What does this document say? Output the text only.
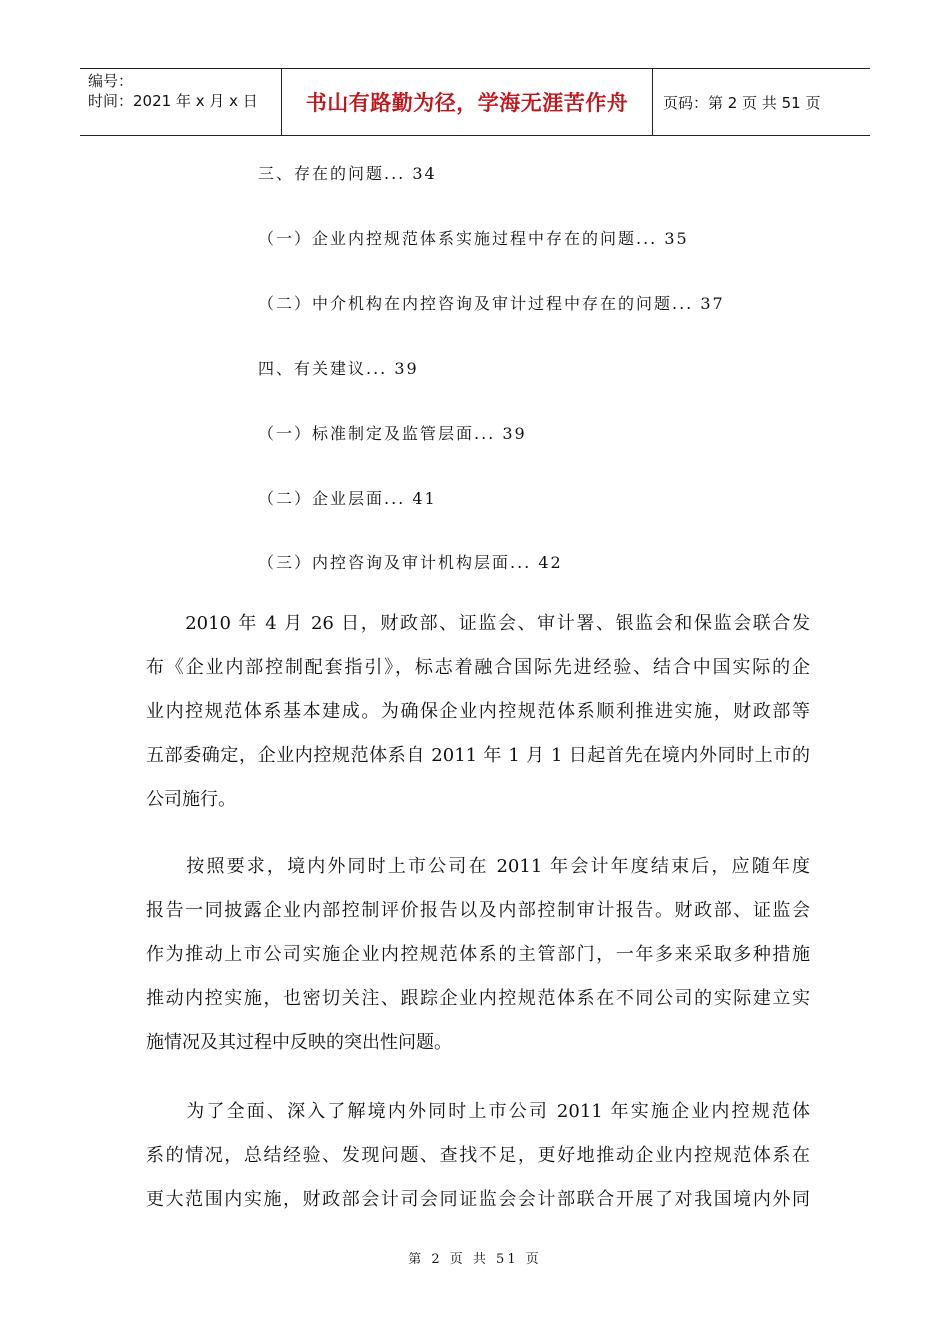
编号：
时间：2021 年 x 月 x 日	书山有路勤为径，学海无涯苦作舟	页码：第 2 页 共 51 页
三、存在的问题... 34
（一）企业内控规范体系实施过程中存在的问题... 35
（二）中介机构在内控咨询及审计过程中存在的问题... 37
四、有关建议... 39
（一）标准制定及监管层面... 39
（二）企业层面... 41
（三）内控咨询及审计机构层面... 42
　　2010 年 4 月 26 日，财政部、证监会、审计署、银监会和保监会联合发
布《企业内部控制配套指引》，标志着融合国际先进经验、结合中国实际的企
业内控规范体系基本建成。为确保企业内控规范体系顺利推进实施，财政部等
五部委确定，企业内控规范体系自 2011 年 1 月 1 日起首先在境内外同时上市的
公司施行。
　　按照要求，境内外同时上市公司在 2011 年会计年度结束后，应随年度
报告一同披露企业内部控制评价报告以及内部控制审计报告。财政部、证监会
作为推动上市公司实施企业内控规范体系的主管部门，一年多来采取多种措施
推动内控实施，也密切关注、跟踪企业内控规范体系在不同公司的实际建立实
施情况及其过程中反映的突出性问题。
　　为了全面、深入了解境内外同时上市公司 2011 年实施企业内控规范体
系的情况，总结经验、发现问题、查找不足，更好地推动企业内控规范体系在
更大范围内实施，财政部会计司会同证监会会计部联合开展了对我国境内外同
第 2 页 共 51 页
